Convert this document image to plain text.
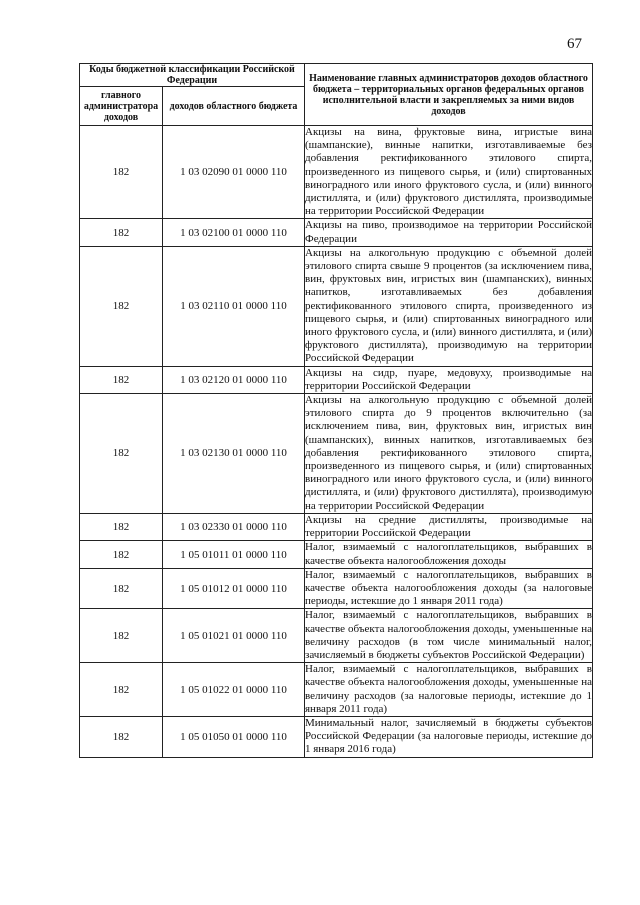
67
Коды бюджетной классификации Российской Федерации		Наименование главных администраторов доходов областного бюджета – территориальных органов федеральных органов исполнительной власти и закрепляемых за ними видов доходов
главного администратора доходов	доходов областного бюджета	
182	1 03 02090 01 0000 110	Акцизы на вина, фруктовые вина, игристые вина (шампанские), винные напитки, изготавливаемые без добавления ректификованного этилового спирта, произведенного из пищевого сырья, и (или) спиртованных виноградного или иного фруктового сусла, и (или) винного дистиллята, и (или) фруктового дистиллята, производимые на территории Российской Федерации
182	1 03 02100 01 0000 110	Акцизы на пиво, производимое на территории Российской Федерации
182	1 03 02110 01 0000 110	Акцизы на алкогольную продукцию с объемной долей этилового спирта свыше 9 процентов (за исключением пива, вин, фруктовых вин, игристых вин (шампанских), винных напитков, изготавливаемых без добавления ректификованного этилового спирта, произведенного из пищевого сырья, и (или) спиртованных виноградного или иного фруктового сусла, и (или) винного дистиллята, и (или) фруктового дистиллята), производимую на территории Российской Федерации
182	1 03 02120 01 0000 110	Акцизы на сидр, пуаре, медовуху, производимые на территории Российской Федерации
182	1 03 02130 01 0000 110	Акцизы на алкогольную продукцию с объемной долей этилового спирта до 9 процентов включительно (за исключением пива, вин, фруктовых вин, игристых вин (шампанских), винных напитков, изготавливаемых без добавления ректификованного этилового спирта, произведенного из пищевого сырья, и (или) спиртованных виноградного или иного фруктового сусла, и (или) винного дистиллята, и (или) фруктового дистиллята), производимую на территории Российской Федерации
182	1 03 02330 01 0000 110	Акцизы на средние дистилляты, производимые на территории Российской Федерации
182	1 05 01011 01 0000 110	Налог, взимаемый с налогоплательщиков, выбравших в качестве объекта налогообложения доходы
182	1 05 01012 01 0000 110	Налог, взимаемый с налогоплательщиков, выбравших в качестве объекта налогообложения доходы (за налоговые периоды, истекшие до 1 января 2011 года)
182	1 05 01021 01 0000 110	Налог, взимаемый с налогоплательщиков, выбравших в качестве объекта налогообложения доходы, уменьшенные на величину расходов (в том числе минимальный налог, зачисляемый в бюджеты субъектов Российской Федерации)
182	1 05 01022 01 0000 110	Налог, взимаемый с налогоплательщиков, выбравших в качестве объекта налогообложения доходы, уменьшенные на величину расходов (за налоговые периоды, истекшие до 1 января 2011 года)
182	1 05 01050 01 0000 110	Минимальный налог, зачисляемый в бюджеты субъектов Российской Федерации (за налоговые периоды, истекшие до 1 января 2016 года)
